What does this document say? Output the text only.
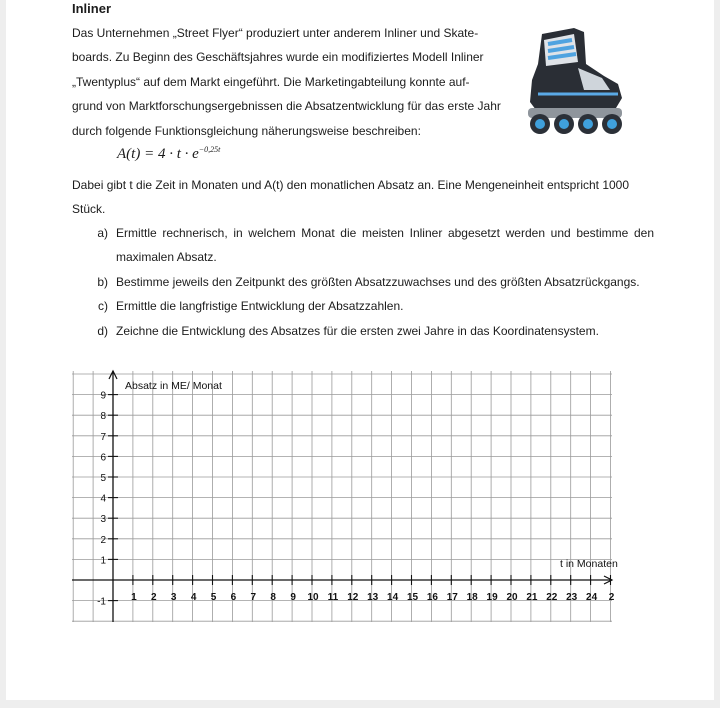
Inliner

Das Unternehmen „Street Flyer“ produziert unter anderem Inliner und Skate-

boards. Zu Beginn des Geschäftsjahres wurde ein modifiziertes Modell Inliner

„Twentyplus“ auf dem Markt eingeführt. Die Marketingabteilung konnte auf-

grund von Marktforschungsergebnissen die Absatzentwicklung für das erste Jahr

durch folgende Funktionsgleichung näherungsweise beschreiben:

$A(t) = 4 \cdot t \cdot e^{-0,25t}$

Dabei gibt t die Zeit in Monaten und A(t) den monatlichen Absatz an. Eine Mengeneinheit entspricht 1000

Stück.

a) Ermittle rechnerisch, in welchem Monat die meisten Inliner abgesetzt werden und bestimme den maximalen Absatz.
b) Bestimme jeweils den Zeitpunkt des größten Absatzzuwachses und des größten Absatzrückgangs.
c) Ermittle die langfristige Entwicklung der Absatzzahlen.
d) Zeichne die Entwicklung des Absatzes für die ersten zwei Jahre in das Koordinatensystem.
9
8
7
6
5
4
3
2
1
-1	1 2 3 4 5 6 7 8 9 10 11 12 13 14 15 16 17 18 19 20 21 22 23 24 2
Absatz in ME/ Monat
t in Monaten
